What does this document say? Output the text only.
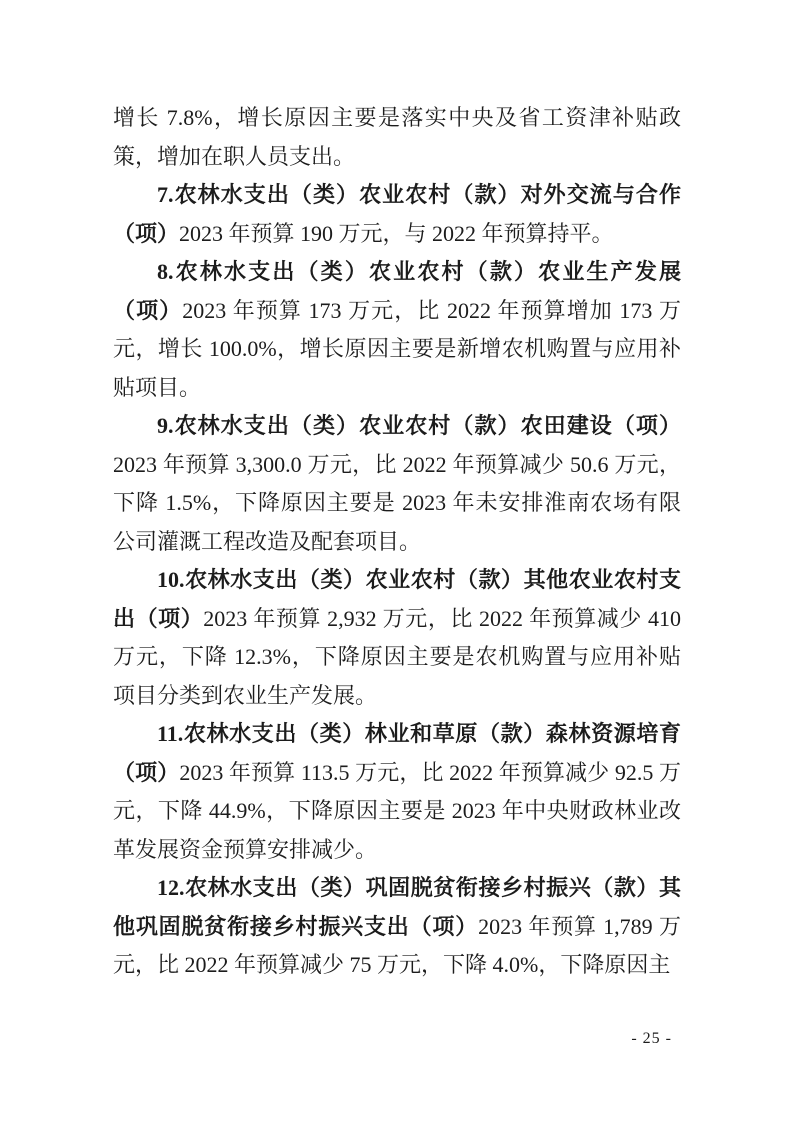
增长 7.8%，增长原因主要是落实中央及省工资津补贴政策，增加在职人员支出。

7.农林水支出（类）农业农村（款）对外交流与合作（项）2023 年预算 190 万元，与 2022 年预算持平。

8.农林水支出（类）农业农村（款）农业生产发展（项）2023 年预算 173 万元，比 2022 年预算增加 173 万元，增长 100.0%，增长原因主要是新增农机购置与应用补贴项目。

9.农林水支出（类）农业农村（款）农田建设（项）2023 年预算 3,300.0 万元，比 2022 年预算减少 50.6 万元，下降 1.5%，下降原因主要是 2023 年未安排淮南农场有限公司灌溉工程改造及配套项目。

10.农林水支出（类）农业农村（款）其他农业农村支出（项）2023 年预算 2,932 万元，比 2022 年预算减少 410 万元，下降 12.3%，下降原因主要是农机购置与应用补贴项目分类到农业生产发展。

11.农林水支出（类）林业和草原（款）森林资源培育（项）2023 年预算 113.5 万元，比 2022 年预算减少 92.5 万元，下降 44.9%，下降原因主要是 2023 年中央财政林业改革发展资金预算安排减少。

12.农林水支出（类）巩固脱贫衔接乡村振兴（款）其他巩固脱贫衔接乡村振兴支出（项）2023 年预算 1,789 万元，比 2022 年预算减少 75 万元，下降 4.0%，下降原因主

- 25 -
